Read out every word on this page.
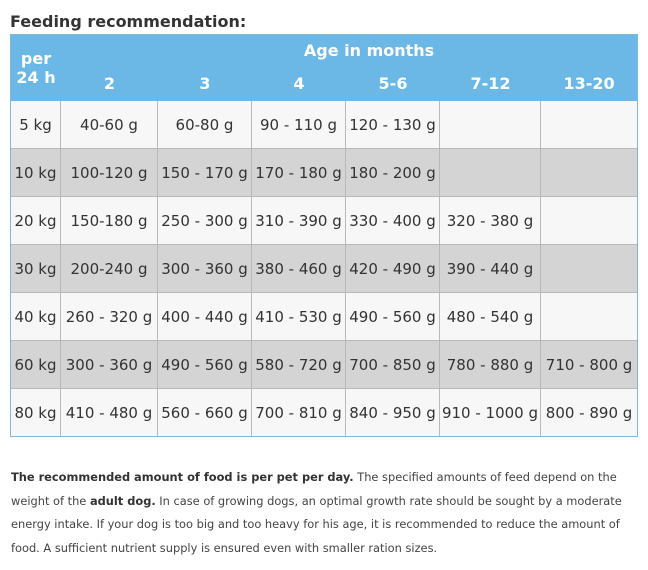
Feeding recommendation:
per
24 h	Age in months					
	2	3	4	5-6	7-12	13-20
5 kg	40-60 g	60-80 g	90 - 110 g	120 - 130 g		
10 kg	100-120 g	150 - 170 g	170 - 180 g	180 - 200 g		
20 kg	150-180 g	250 - 300 g	310 - 390 g	330 - 400 g	320 - 380 g	
30 kg	200-240 g	300 - 360 g	380 - 460 g	420 - 490 g	390 - 440 g	
40 kg	260 - 320 g	400 - 440 g	410 - 530 g	490 - 560 g	480 - 540 g	
60 kg	300 - 360 g	490 - 560 g	580 - 720 g	700 - 850 g	780 - 880 g	710 - 800 g
80 kg	410 - 480 g	560 - 660 g	700 - 810 g	840 - 950 g	910 - 1000 g	800 - 890 g

The recommended amount of food is per pet per day. The specified amounts of feed depend on the weight of the adult dog. In case of growing dogs, an optimal growth rate should be sought by a moderate energy intake. If your dog is too big and too heavy for his age, it is recommended to reduce the amount of food. A sufficient nutrient supply is ensured even with smaller ration sizes.
